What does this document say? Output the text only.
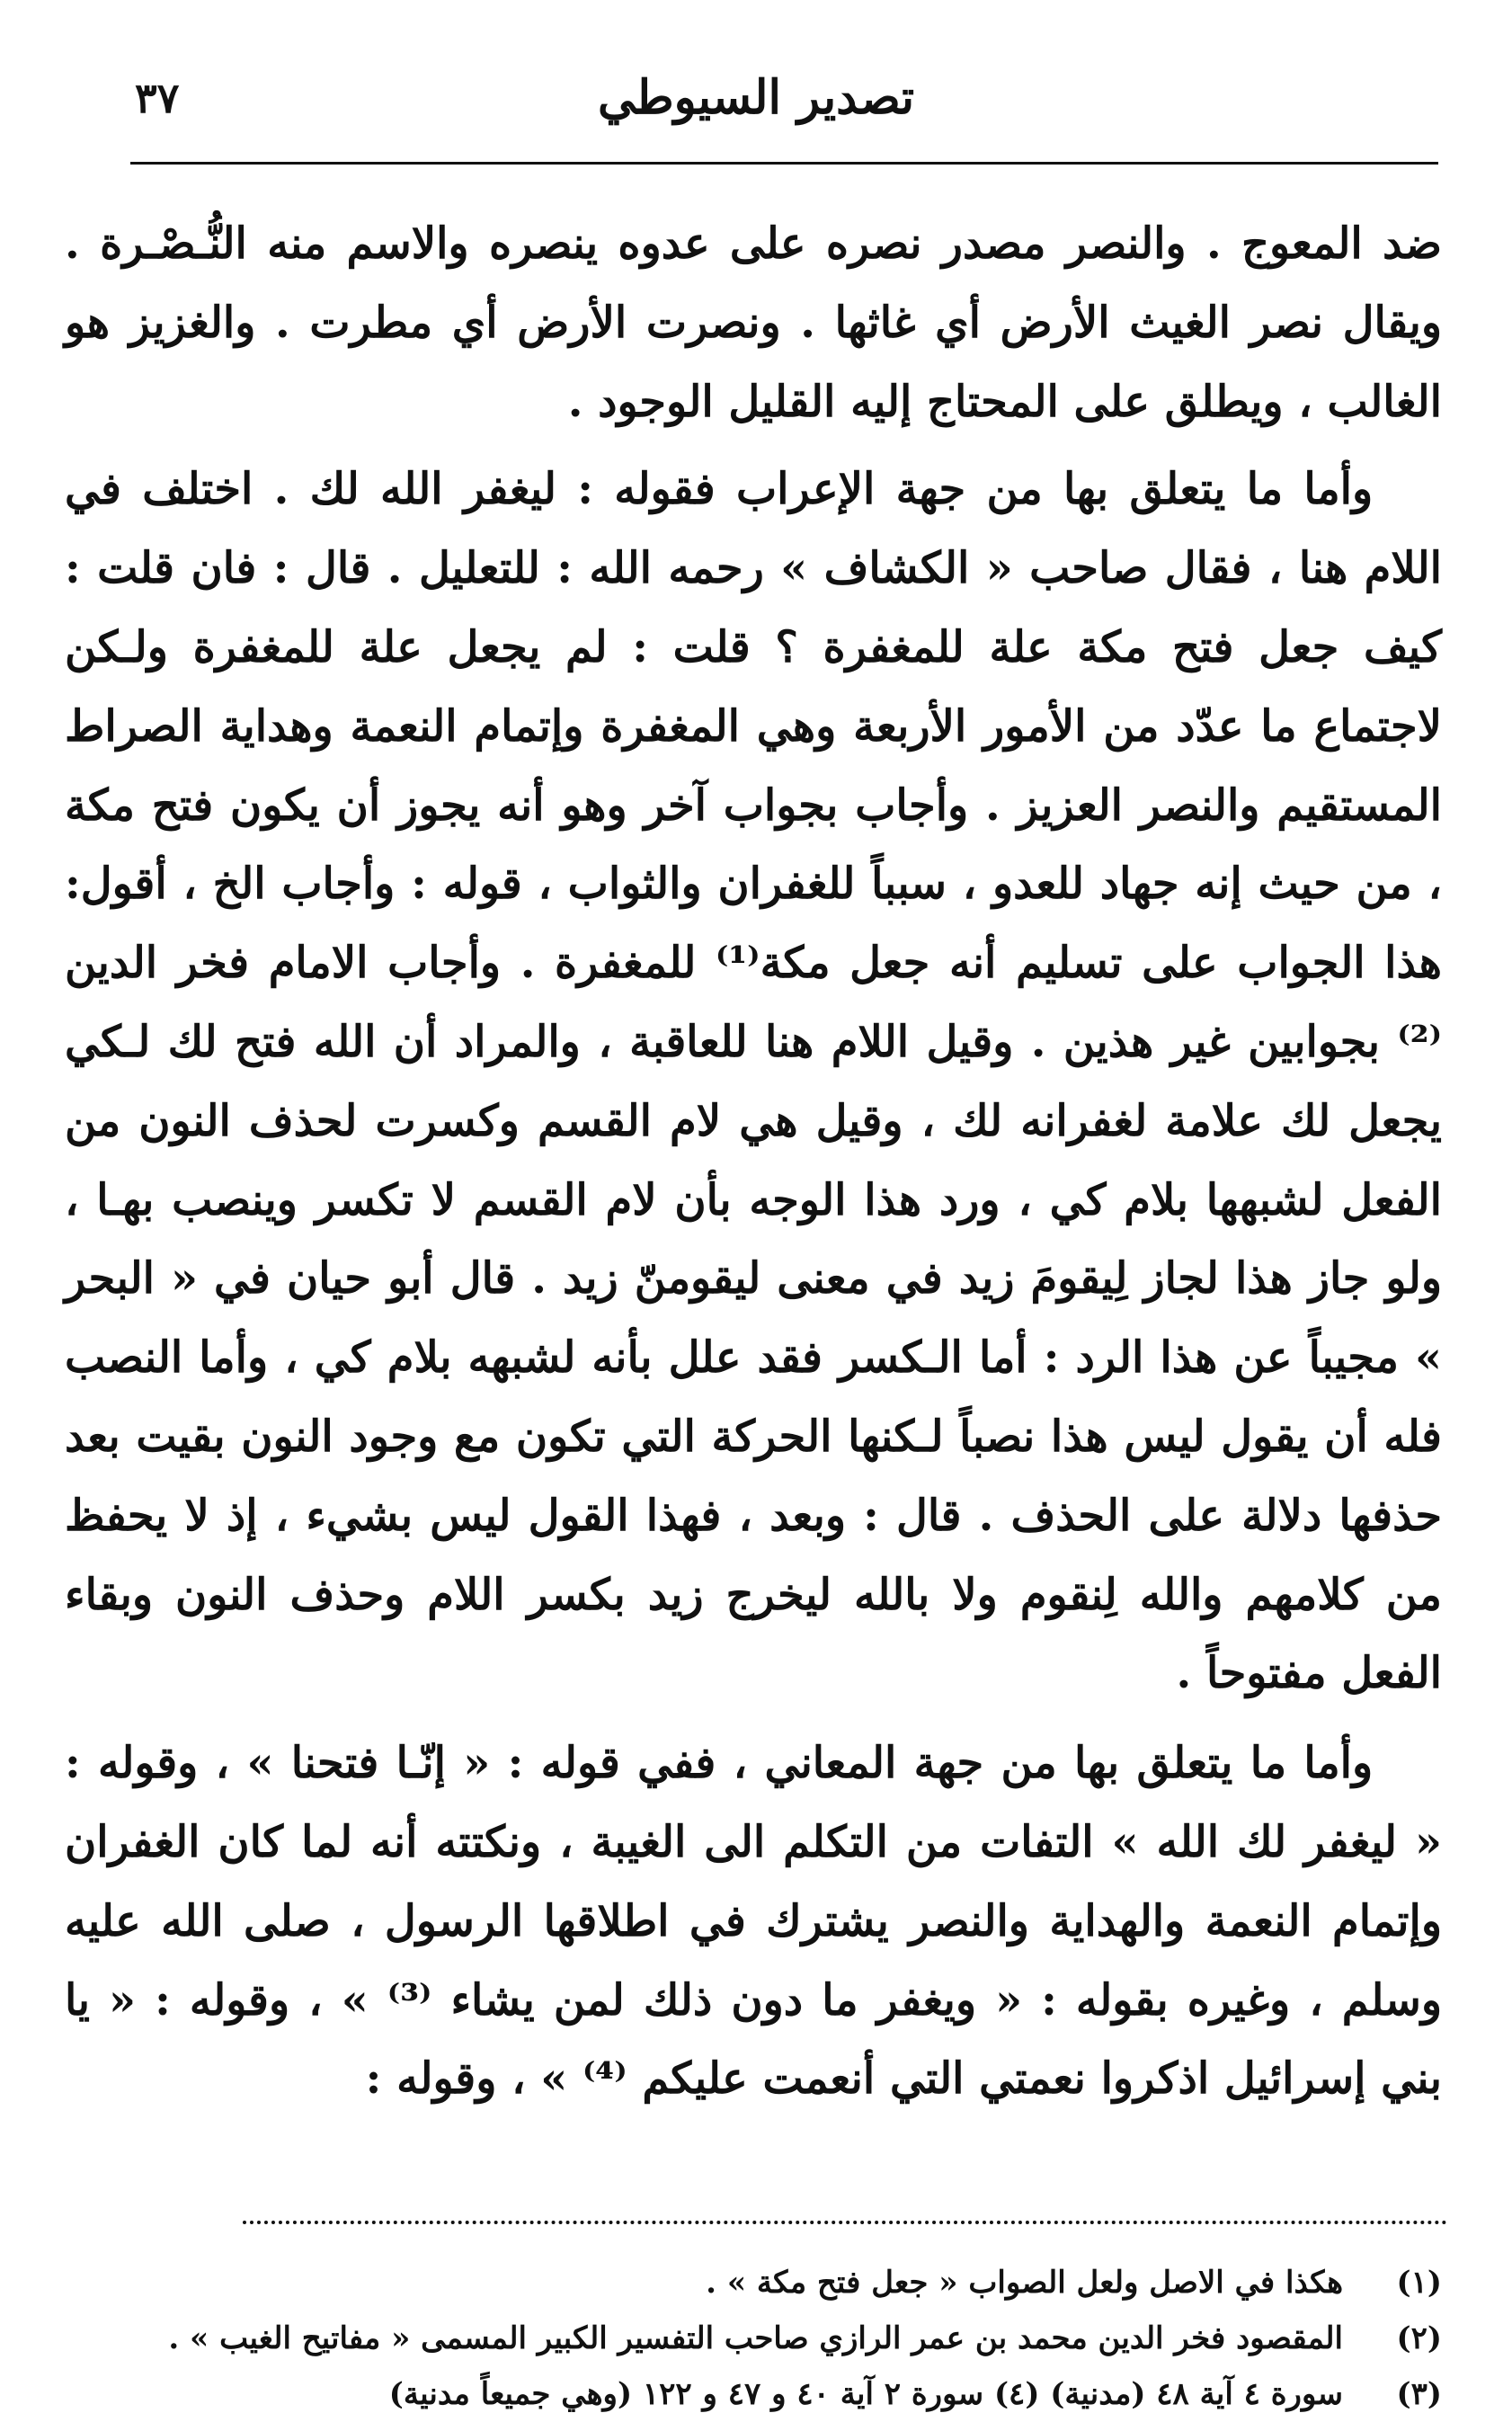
تصدير السيوطي
٣٧

ضد المعوج . والنصر مصدر نصره على عدوه ينصره والاسم منه النُّـصْـرة . ويقال نصر الغيث الأرض أي غاثها . ونصرت الأرض أي مطرت . والغزيز هو الغالب ، ويطلق على المحتاج إليه القليل الوجود .

وأما ما يتعلق بها من جهة الإعراب فقوله : ليغفر الله لك . اختلف في اللام هنا ، فقال صاحب « الكشاف » رحمه الله : للتعليل . قال : فان قلت : كيف جعل فتح مكة علة للمغفرة ؟ قلت : لم يجعل علة للمغفرة ولـكن لاجتماع ما عدّد من الأمور الأربعة وهي المغفرة وإتمام النعمة وهداية الصراط المستقيم والنصر العزيز . وأجاب بجواب آخر وهو أنه يجوز أن يكون فتح مكة ، من حيث إنه جهاد للعدو ، سبباً للغفران والثواب ، قوله : وأجاب الخ ، أقول: هذا الجواب على تسليم أنه جعل مكة⁽¹⁾ للمغفرة . وأجاب الامام فخر الدين ⁽²⁾ بجوابين غير هذين . وقيل اللام هنا للعاقبة ، والمراد أن الله فتح لك لـكي يجعل لك علامة لغفرانه لك ، وقيل هي لام القسم وكسرت لحذف النون من الفعل لشبهها بلام كي ، ورد هذا الوجه بأن لام القسم لا تكسر وينصب بهـا ، ولو جاز هذا لجاز لِيقومَ زيد في معنى ليقومنّ زيد . قال أبو حيان في « البحر » مجيباً عن هذا الرد : أما الـكسر فقد علل بأنه لشبهه بلام كي ، وأما النصب فله أن يقول ليس هذا نصباً لـكنها الحركة التي تكون مع وجود النون بقيت بعد حذفها دلالة على الحذف . قال : وبعد ، فهذا القول ليس بشيء ، إذ لا يحفظ من كلامهم والله لِنقوم ولا بالله ليخرج زيد بكسر اللام وحذف النون وبقاء الفعل مفتوحاً .

وأما ما يتعلق بها من جهة المعاني ، ففي قوله : « إنّـا فتحنا » ، وقوله : « ليغفر لك الله » التفات من التكلم الى الغيبة ، ونكتته أنه لما كان الغفران وإتمام النعمة والهداية والنصر يشترك في اطلاقها الرسول ، صلى الله عليه وسلم ، وغيره بقوله : « ويغفر ما دون ذلك لمن يشاء ⁽³⁾ » ، وقوله : « يا بني إسرائيل اذكروا نعمتي التي أنعمت عليكم ⁽⁴⁾ » ، وقوله :

(١)
هكذا في الاصل ولعل الصواب « جعل فتح مكة » .
(٢)
المقصود فخر الدين محمد بن عمر الرازي صاحب التفسير الكبير المسمى « مفاتيح الغيب » .
(٣)
سورة ٤ آية ٤٨ (مدنية) (٤) سورة ٢ آية ٤٠ و ٤٧ و ١٢٢ (وهي جميعاً مدنية)
